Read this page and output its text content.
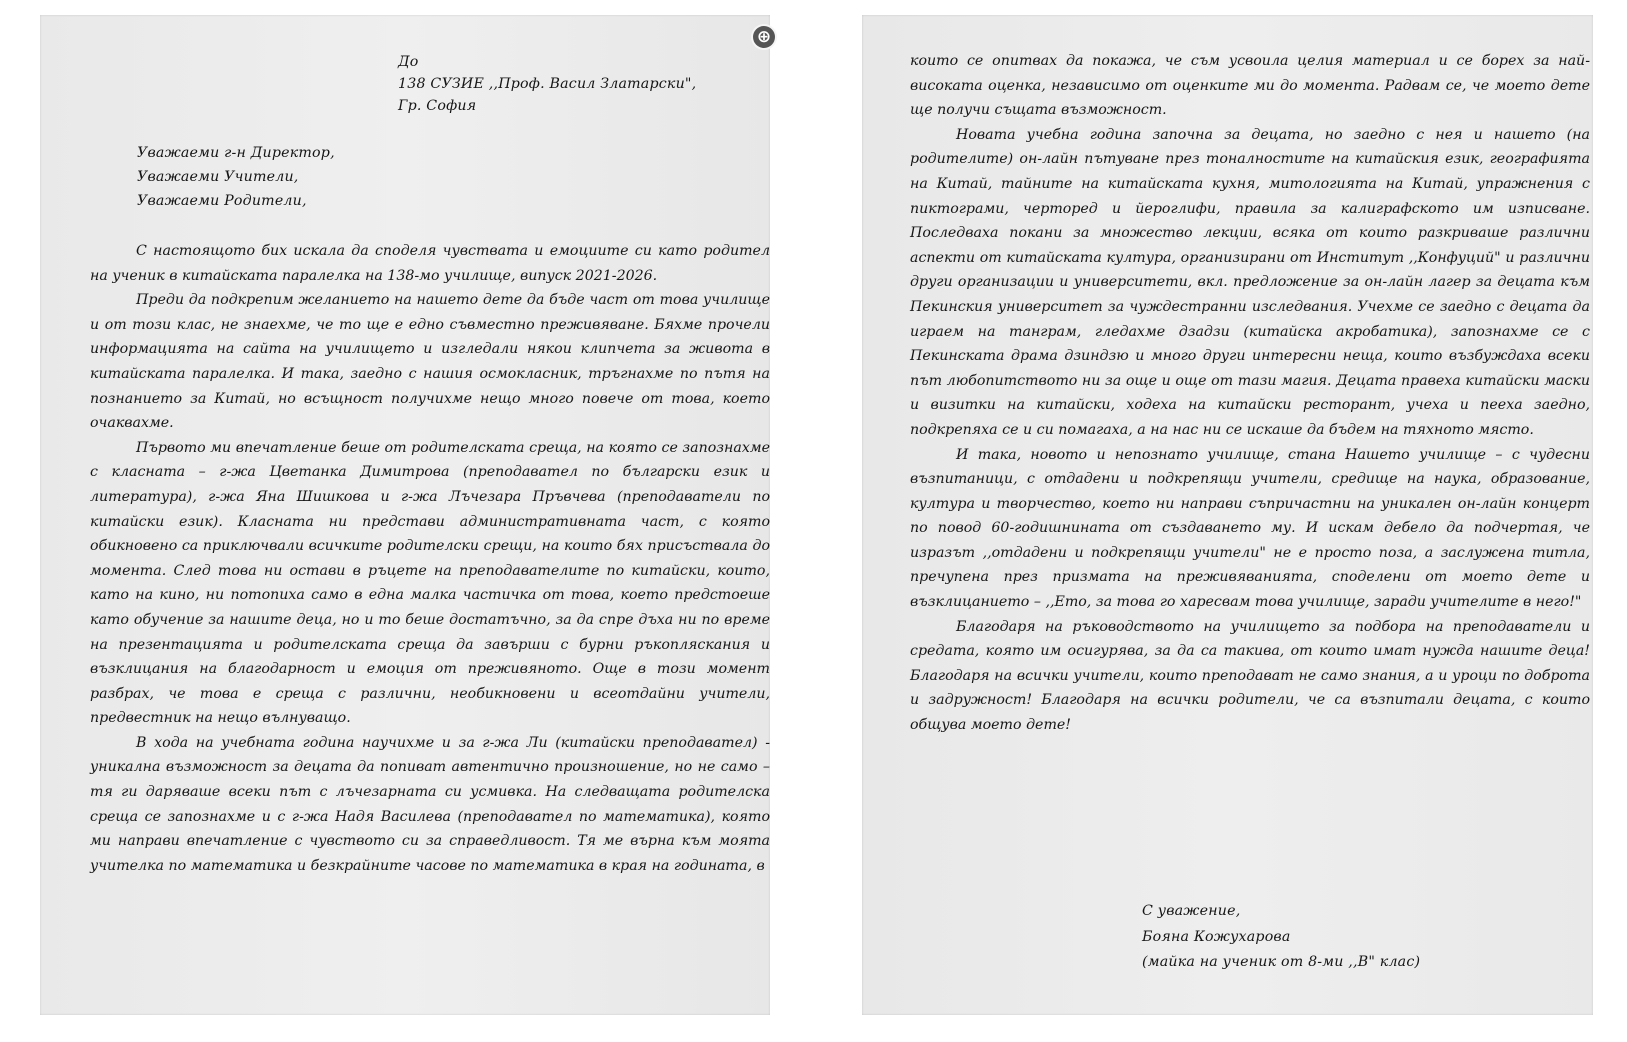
До
138 СУЗИЕ ,,Проф. Васил Златарски",
Гр. София
Уважаеми г-н Директор,
Уважаеми Учители,
Уважаеми Родители,

С настоящото бих искала да споделя чувствата и емоциите си като родител на ученик в китайската паралелка на 138-мо училище, випуск 2021-2026.

Преди да подкрепим желанието на нашето дете да бъде част от това училище и от този клас, не знаехме, че то ще е едно съвместно преживяване. Бяхме прочели информацията на сайта на училището и изгледали някои клипчета за живота в китайската паралелка. И така, заедно с нашия осмокласник, тръгнахме по пътя на познанието за Китай, но всъщност получихме нещо много повече от това, което очаквахме.

Първото ми впечатление беше от родителската среща, на която се запознахме с класната – г-жа Цветанка Димитрова (преподавател по български език и литература), г-жа Яна Шишкова и г-жа Лъчезара Пръвчева (преподаватели по китайски език). Класната ни представи административната част, с която обикновено са приключвали всичките родителски срещи, на които бях присъствала до момента. След това ни остави в ръцете на преподавателите по китайски, които, като на кино, ни потопиха само в една малка частичка от това, което предстоеше като обучение за нашите деца, но и то беше достатъчно, за да спре дъха ни по време на презентацията и родителската среща да завърши с бурни ръкопляскания и възклицания на благодарност и емоция от преживяното. Още в този момент разбрах, че това е среща с различни, необикновени и всеотдайни учители, предвестник на нещо вълнуващо.

В хода на учебната година научихме и за г-жа Ли (китайски преподавател) - уникална възможност за децата да попиват автентично произношение, но не само – тя ги даряваше всеки път с лъчезарната си усмивка. На следващата родителска среща се запознахме и с г-жа Надя Василева (преподавател по математика), която ми направи впечатление с чувството си за справедливост. Тя ме върна към моята учителка по математика и безкрайните часове по математика в края на годината, в

⊕

които се опитвах да покажа, че съм усвоила целия материал и се борех за най-високата оценка, независимо от оценките ми до момента. Радвам се, че моето дете ще получи същата възможност.

Новата учебна година започна за децата, но заедно с нея и нашето (на родителите) он-лайн пътуване през тоналностите на китайския език, географията на Китай, тайните на китайската кухня, митологията на Китай, упражнения с пиктограми, черторед и йероглифи, правила за калиграфското им изписване. Последваха покани за множество лекции, всяка от които разкриваше различни аспекти от китайската култура, организирани от Институт ,,Конфуций" и различни други организации и университети, вкл. предложение за он-лайн лагер за децата към Пекинския университет за чуждестранни изследвания. Учехме се заедно с децата да играем на танграм, гледахме дзадзи (китайска акробатика), запознахме се с Пекинската драма дзиндзю и много други интересни неща, които възбуждаха всеки път любопитството ни за още и още от тази магия. Децата правеха китайски маски и визитки на китайски, ходеха на китайски ресторант, учеха и пееха заедно, подкрепяха се и си помагаха, а на нас ни се искаше да бъдем на тяхното място.

И така, новото и непознато училище, стана Нашето училище – с чудесни възпитаници, с отдадени и подкрепящи учители, средище на наука, образование, култура и творчество, което ни направи съпричастни на уникален он-лайн концерт по повод 60-годишнината от създаването му. И искам дебело да подчертая, че изразът ,,отдадени и подкрепящи учители" не е просто поза, а заслужена титла, пречупена през призмата на преживяванията, споделени от моето дете и възклицанието – ,,Ето, за това го харесвам това училище, заради учителите в него!"

Благодаря на ръководството на училището за подбора на преподаватели и средата, която им осигурява, за да са такива, от които имат нужда нашите деца! Благодаря на всички учители, които преподават не само знания, а и уроци по доброта и задружност! Благодаря на всички родители, че са възпитали децата, с които общува моето дете!

С уважение,
Бояна Кожухарова
(майка на ученик от 8-ми ,,В" клас)
